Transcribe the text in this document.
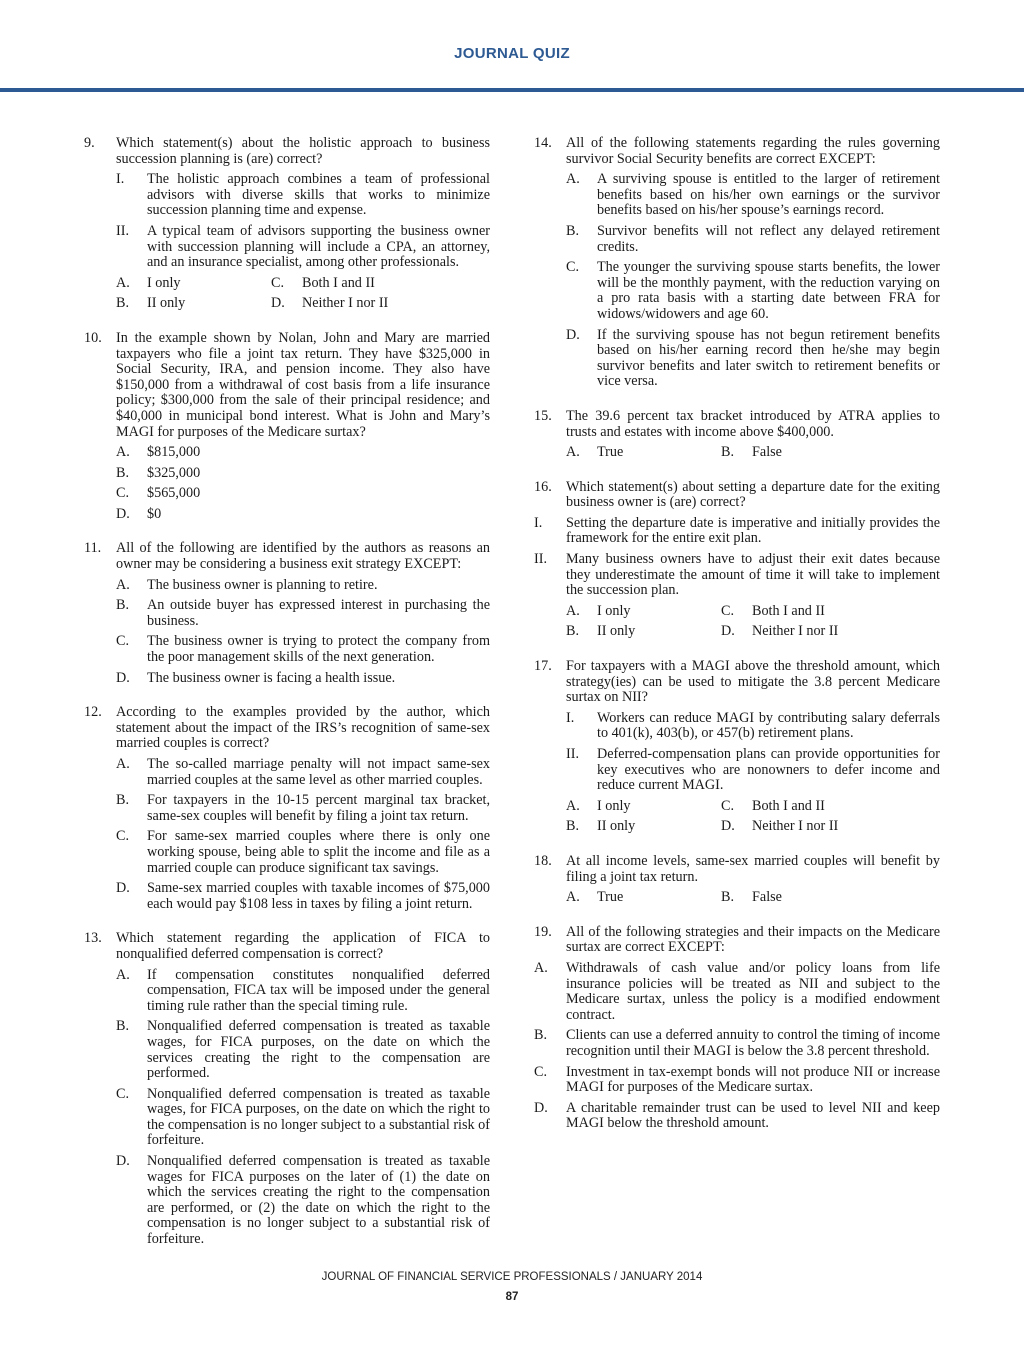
JOURNAL QUIZ
9.	Which statement(s) about the holistic approach to business succession planning is (are) correct?
I.	The holistic approach combines a team of professional advisors with diverse skills that works to minimize succession planning time and expense.
II.	A typical team of advisors supporting the business owner with succession planning will include a CPA, an attorney, and an insurance specialist, among other professionals.
A.	I only	C.	Both I and II
B.	II only	D.	Neither I nor II
10.	In the example shown by Nolan, John and Mary are married taxpayers who file a joint tax return. They have $325,000 in Social Security, IRA, and pension income. They also have $150,000 from a withdrawal of cost basis from a life insurance policy; $300,000 from the sale of their principal residence; and $40,000 in municipal bond interest. What is John and Mary’s MAGI for purposes of the Medicare surtax?
A.	$815,000
B.	$325,000
C.	$565,000
D.	$0
11.	All of the following are identified by the authors as reasons an owner may be considering a business exit strategy EXCEPT:
A.	The business owner is planning to retire.
B.	An outside buyer has expressed interest in purchasing the business.
C.	The business owner is trying to protect the company from the poor management skills of the next generation.
D.	The business owner is facing a health issue.
12.	According to the examples provided by the author, which statement about the impact of the IRS’s recognition of same-sex married couples is correct?
A.	The so-called marriage penalty will not impact same-sex married couples at the same level as other married couples.
B.	For taxpayers in the 10-15 percent marginal tax bracket, same-sex couples will benefit by filing a joint tax return.
C.	For same-sex married couples where there is only one working spouse, being able to split the income and file as a married couple can produce significant tax savings.
D.	Same-sex married couples with taxable incomes of $75,000 each would pay $108 less in taxes by filing a joint return.
13.	Which statement regarding the application of FICA to nonqualified deferred compensation is correct?
A.	If compensation constitutes nonqualified deferred compensation, FICA tax will be imposed under the general timing rule rather than the special timing rule.
B.	Nonqualified deferred compensation is treated as taxable wages, for FICA purposes, on the date on which the services creating the right to the compensation are performed.
C.	Nonqualified deferred compensation is treated as taxable wages, for FICA purposes, on the date on which the right to the compensation is no longer subject to a substantial risk of forfeiture.
D.	Nonqualified deferred compensation is treated as taxable wages for FICA purposes on the later of (1) the date on which the services creating the right to the compensation are performed, or (2) the date on which the right to the compensation is no longer subject to a substantial risk of forfeiture.
14.	All of the following statements regarding the rules governing survivor Social Security benefits are correct EXCEPT:
A.	A surviving spouse is entitled to the larger of retirement benefits based on his/her own earnings or the survivor benefits based on his/her spouse’s earnings record.
B.	Survivor benefits will not reflect any delayed retirement credits.
C.	The younger the surviving spouse starts benefits, the lower will be the monthly payment, with the reduction varying on a pro rata basis with a starting date between FRA for widows/widowers and age 60.
D.	If the surviving spouse has not begun retirement benefits based on his/her earning record then he/she may begin survivor benefits and later switch to retirement benefits or vice versa.
15.	The 39.6 percent tax bracket introduced by ATRA applies to trusts and estates with income above $400,000.
A.	True	B.	False
16.	Which statement(s) about setting a departure date for the exiting business owner is (are) correct?
I.	Setting the departure date is imperative and initially provides the framework for the entire exit plan.
II.	Many business owners have to adjust their exit dates because they underestimate the amount of time it will take to implement the succession plan.
A.	I only	C.	Both I and II
B.	II only	D.	Neither I nor II
17.	For taxpayers with a MAGI above the threshold amount, which strategy(ies) can be used to mitigate the 3.8 percent Medicare surtax on NII?
I.	Workers can reduce MAGI by contributing salary deferrals to 401(k), 403(b), or 457(b) retirement plans.
II.	Deferred-compensation plans can provide opportunities for key executives who are nonowners to defer income and reduce current MAGI.
A.	I only	C.	Both I and II
B.	II only	D.	Neither I nor II
18.	At all income levels, same-sex married couples will benefit by filing a joint tax return.
A.	True	B.	False
19.	All of the following strategies and their impacts on the Medicare surtax are correct EXCEPT:
A.	Withdrawals of cash value and/or policy loans from life insurance policies will be treated as NII and subject to the Medicare surtax, unless the policy is a modified endowment contract.
B.	Clients can use a deferred annuity to control the timing of income recognition until their MAGI is below the 3.8 percent threshold.
C.	Investment in tax-exempt bonds will not produce NII or increase MAGI for purposes of the Medicare surtax.
D.	A charitable remainder trust can be used to level NII and keep MAGI below the threshold amount.
JOURNAL OF FINANCIAL SERVICE PROFESSIONALS / JANUARY 2014
87
